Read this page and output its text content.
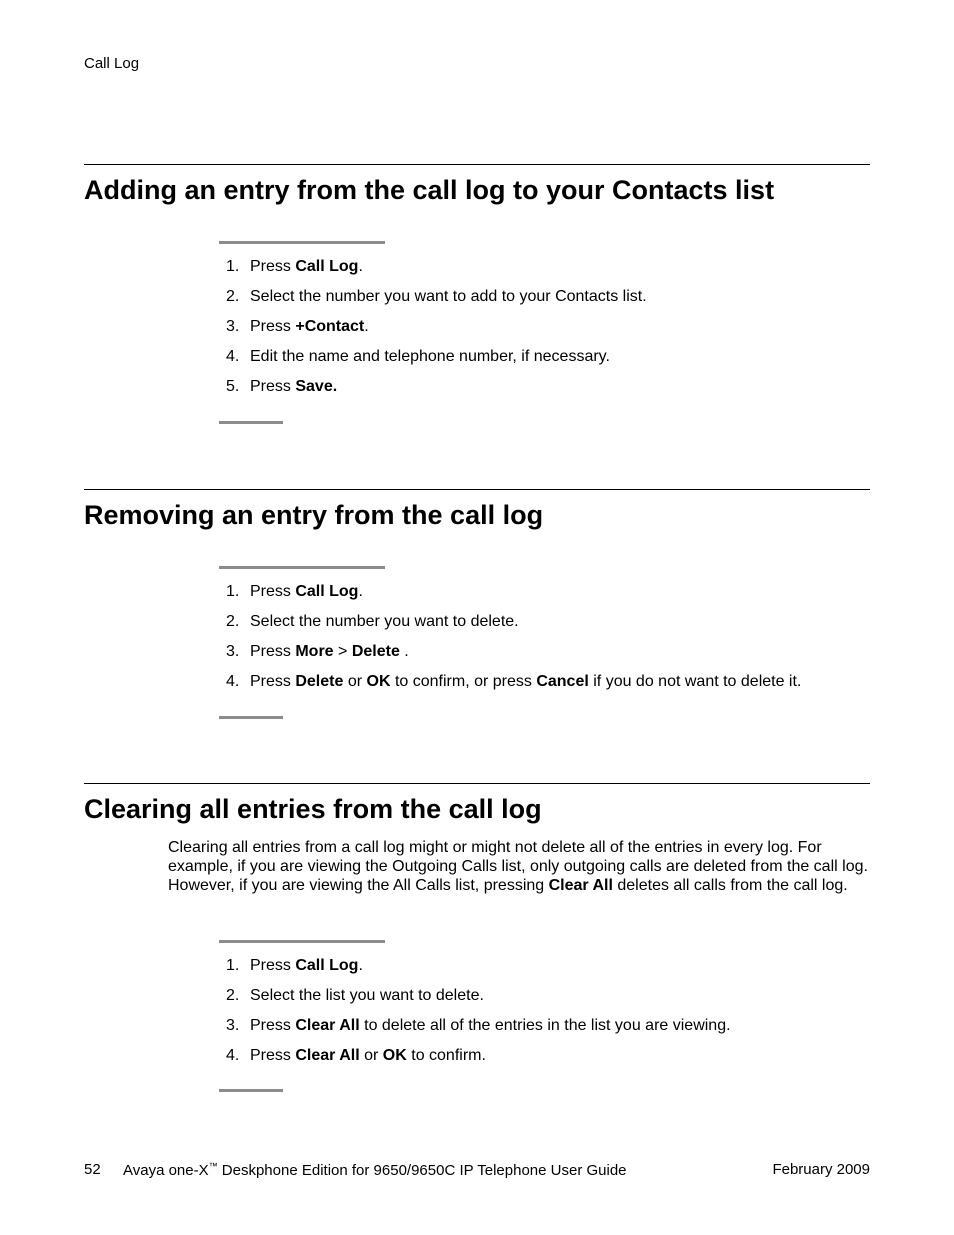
Call Log
Adding an entry from the call log to your Contacts list
1. Press Call Log.
2. Select the number you want to add to your Contacts list.
3. Press +Contact.
4. Edit the name and telephone number, if necessary.
5. Press Save.
Removing an entry from the call log
1. Press Call Log.
2. Select the number you want to delete.
3. Press More > Delete .
4. Press Delete or OK to confirm, or press Cancel if you do not want to delete it.
Clearing all entries from the call log

Clearing all entries from a call log might or might not delete all of the entries in every log. For example, if you are viewing the Outgoing Calls list, only outgoing calls are deleted from the call log. However, if you are viewing the All Calls list, pressing Clear All deletes all calls from the call log.

1. Press Call Log.
2. Select the list you want to delete.
3. Press Clear All to delete all of the entries in the list you are viewing.
4. Press Clear All or OK to confirm.
52 Avaya one-X™ Deskphone Edition for 9650/9650C IP Telephone User Guide	February 2009
